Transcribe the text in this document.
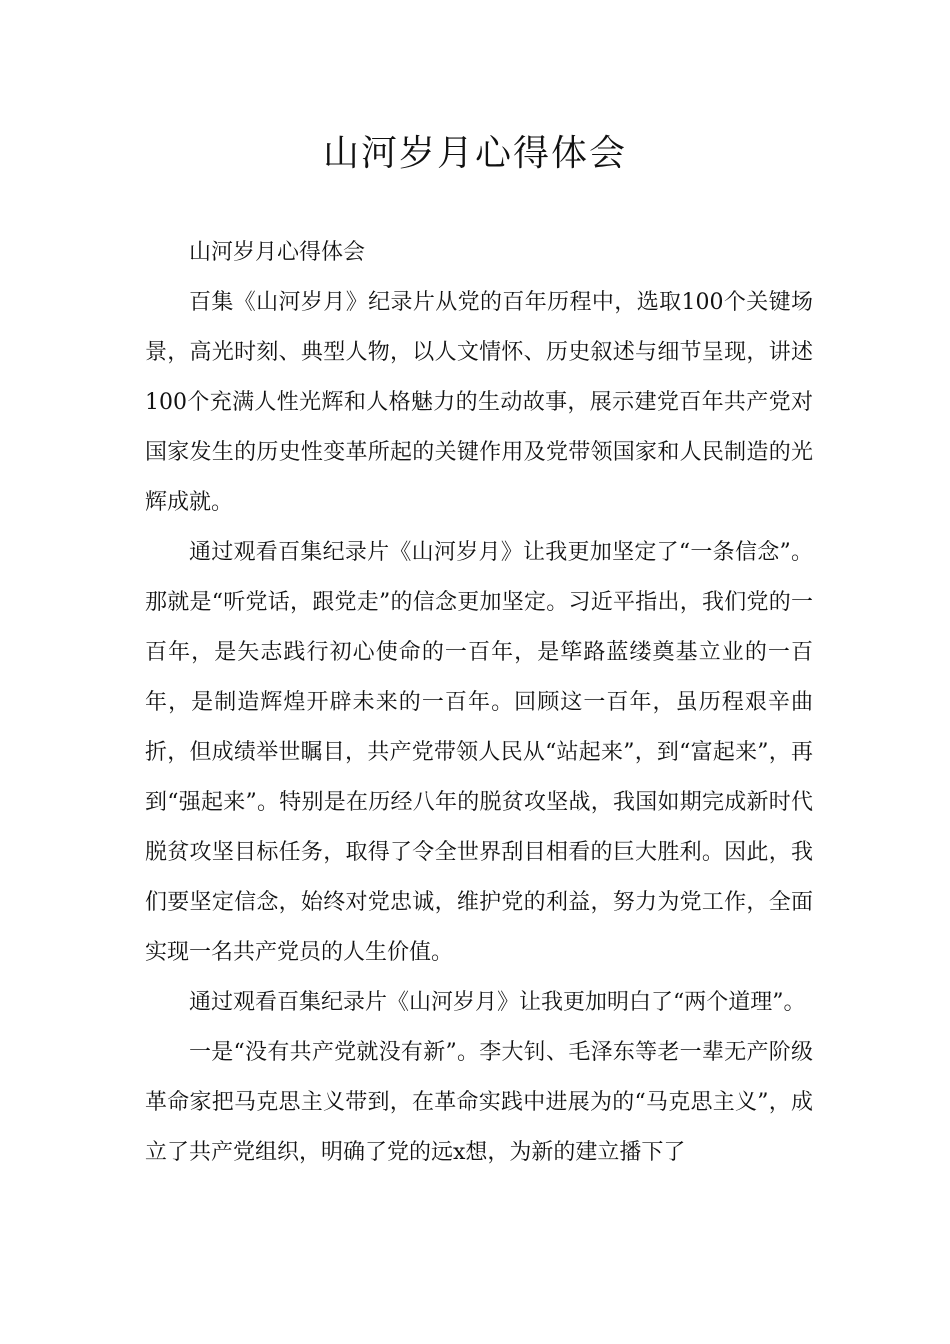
山河岁月心得体会

山河岁月心得体会

百集《山河岁月》纪录片从党的百年历程中，选取100个关键场景，高光时刻、典型人物，以人文情怀、历史叙述与细节呈现，讲述100个充满人性光辉和人格魅力的生动故事，展示建党百年共产党对国家发生的历史性变革所起的关键作用及党带领国家和人民制造的光辉成就。

通过观看百集纪录片《山河岁月》让我更加坚定了“一条信念”。那就是“听党话，跟党走”的信念更加坚定。习近平指出，我们党的一百年，是矢志践行初心使命的一百年，是筚路蓝缕奠基立业的一百年，是制造辉煌开辟未来的一百年。回顾这一百年，虽历程艰辛曲折，但成绩举世瞩目，共产党带领人民从“站起来”，到“富起来”，再到“强起来”。特别是在历经八年的脱贫攻坚战，我国如期完成新时代脱贫攻坚目标任务，取得了令全世界刮目相看的巨大胜利。因此，我们要坚定信念，始终对党忠诚，维护党的利益，努力为党工作，全面实现一名共产党员的人生价值。

通过观看百集纪录片《山河岁月》让我更加明白了“两个道理”。

一是“没有共产党就没有新”。李大钊、毛泽东等老一辈无产阶级革命家把马克思主义带到，在革命实践中进展为的“马克思主义”，成立了共产党组织，明确了党的远x想，为新的建立播下了
